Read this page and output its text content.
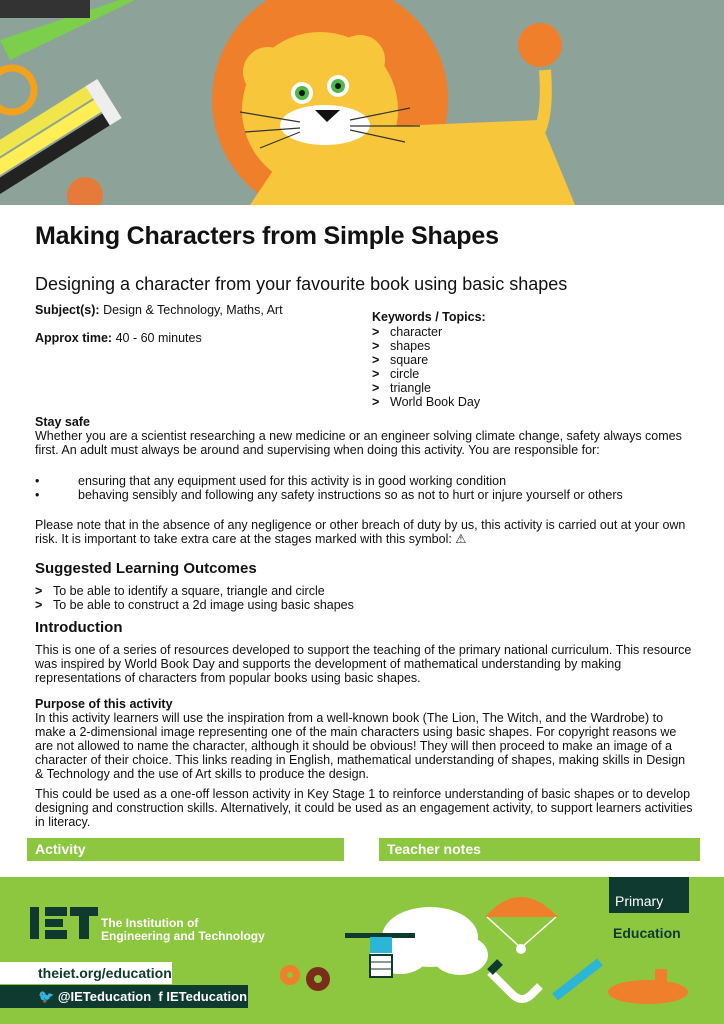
Making Characters from Simple Shapes

Designing a character from your favourite book using basic shapes

Subject(s): Design & Technology, Maths, Art
Approx time: 40 - 60 minutes
Keywords / Topics:
> character
> shapes
> square
> circle
> triangle
> World Book Day

Stay safe

Whether you are a scientist researching a new medicine or an engineer solving climate change, safety always comes first. An adult must always be around and supervising when doing this activity. You are responsible for:

•	ensuring that any equipment used for this activity is in good working condition
•	behaving sensibly and following any safety instructions so as not to hurt or injure yourself or others

Please note that in the absence of any negligence or other breach of duty by us, this activity is carried out at your own risk. It is important to take extra care at the stages marked with this symbol: ⚠

Suggested Learning Outcomes
> To be able to identify a square, triangle and circle
> To be able to construct a 2d image using basic shapes
Introduction

This is one of a series of resources developed to support the teaching of the primary national curriculum. This resource was inspired by World Book Day and supports the development of mathematical understanding by making representations of characters from popular books using basic shapes.

Purpose of this activity

In this activity learners will use the inspiration from a well-known book (The Lion, The Witch, and the Wardrobe) to make a 2-dimensional image representing one of the main characters using basic shapes. For copyright reasons we are not allowed to name the character, although it should be obvious! They will then proceed to make an image of a character of their choice. This links reading in English, mathematical understanding of shapes, making skills in Design & Technology and the use of Art skills to produce the design.

This could be used as a one-off lesson activity in Key Stage 1 to reinforce understanding of basic shapes or to develop designing and construction skills. Alternatively, it could be used as an engagement activity, to support learners activities in literacy.

Activity	Teacher notes
The Institution of
Engineering and Technology
theiet.org/education
🐦 @IETeducation f IETeducation
Primary
Education
